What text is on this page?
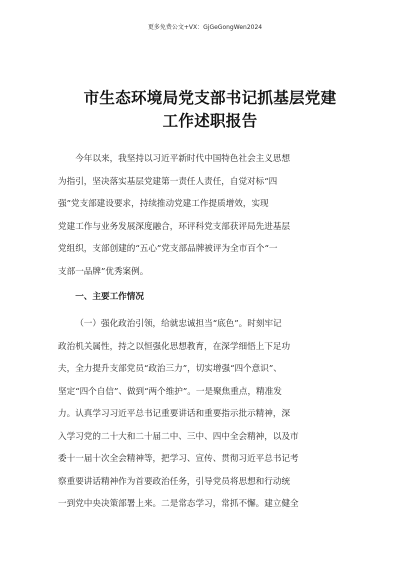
更多免费公文+VX：GjGeGongWen2024
市生态环境局党支部书记抓基层党建
工作述职报告
今年以来，我坚持以习近平新时代中国特色社会主义思想
为指引，坚决落实基层党建第一责任人责任，自觉对标“四
强”党支部建设要求，持续推动党建工作提质增效，实现
党建工作与业务发展深度融合，环评科党支部获评局先进基层
党组织，支部创建的“五心”党支部品牌被评为全市百个“一
支部一品牌”优秀案例。
一、主要工作情况
（一）强化政治引领，给就忠诚担当“底色”。时刻牢记
政治机关属性，持之以恒强化思想教育，在深学细悟上下足功
夫，全力提升支部党员“政治三力”，切实增强“四个意识”、
坚定“四个自信”、做到“两个维护”。一是聚焦重点，精准发
力。认真学习习近平总书记重要讲话和重要指示批示精神，深
入学习党的二十大和二十届二中、三中、四中全会精神，以及市
委十一届十次全会精神等，把学习、宣传、贯彻习近平总书记考
察重要讲话精神作为首要政治任务，引导党员将思想和行动统
一到党中央决策部署上来。二是常态学习，常抓不懈。建立健全
